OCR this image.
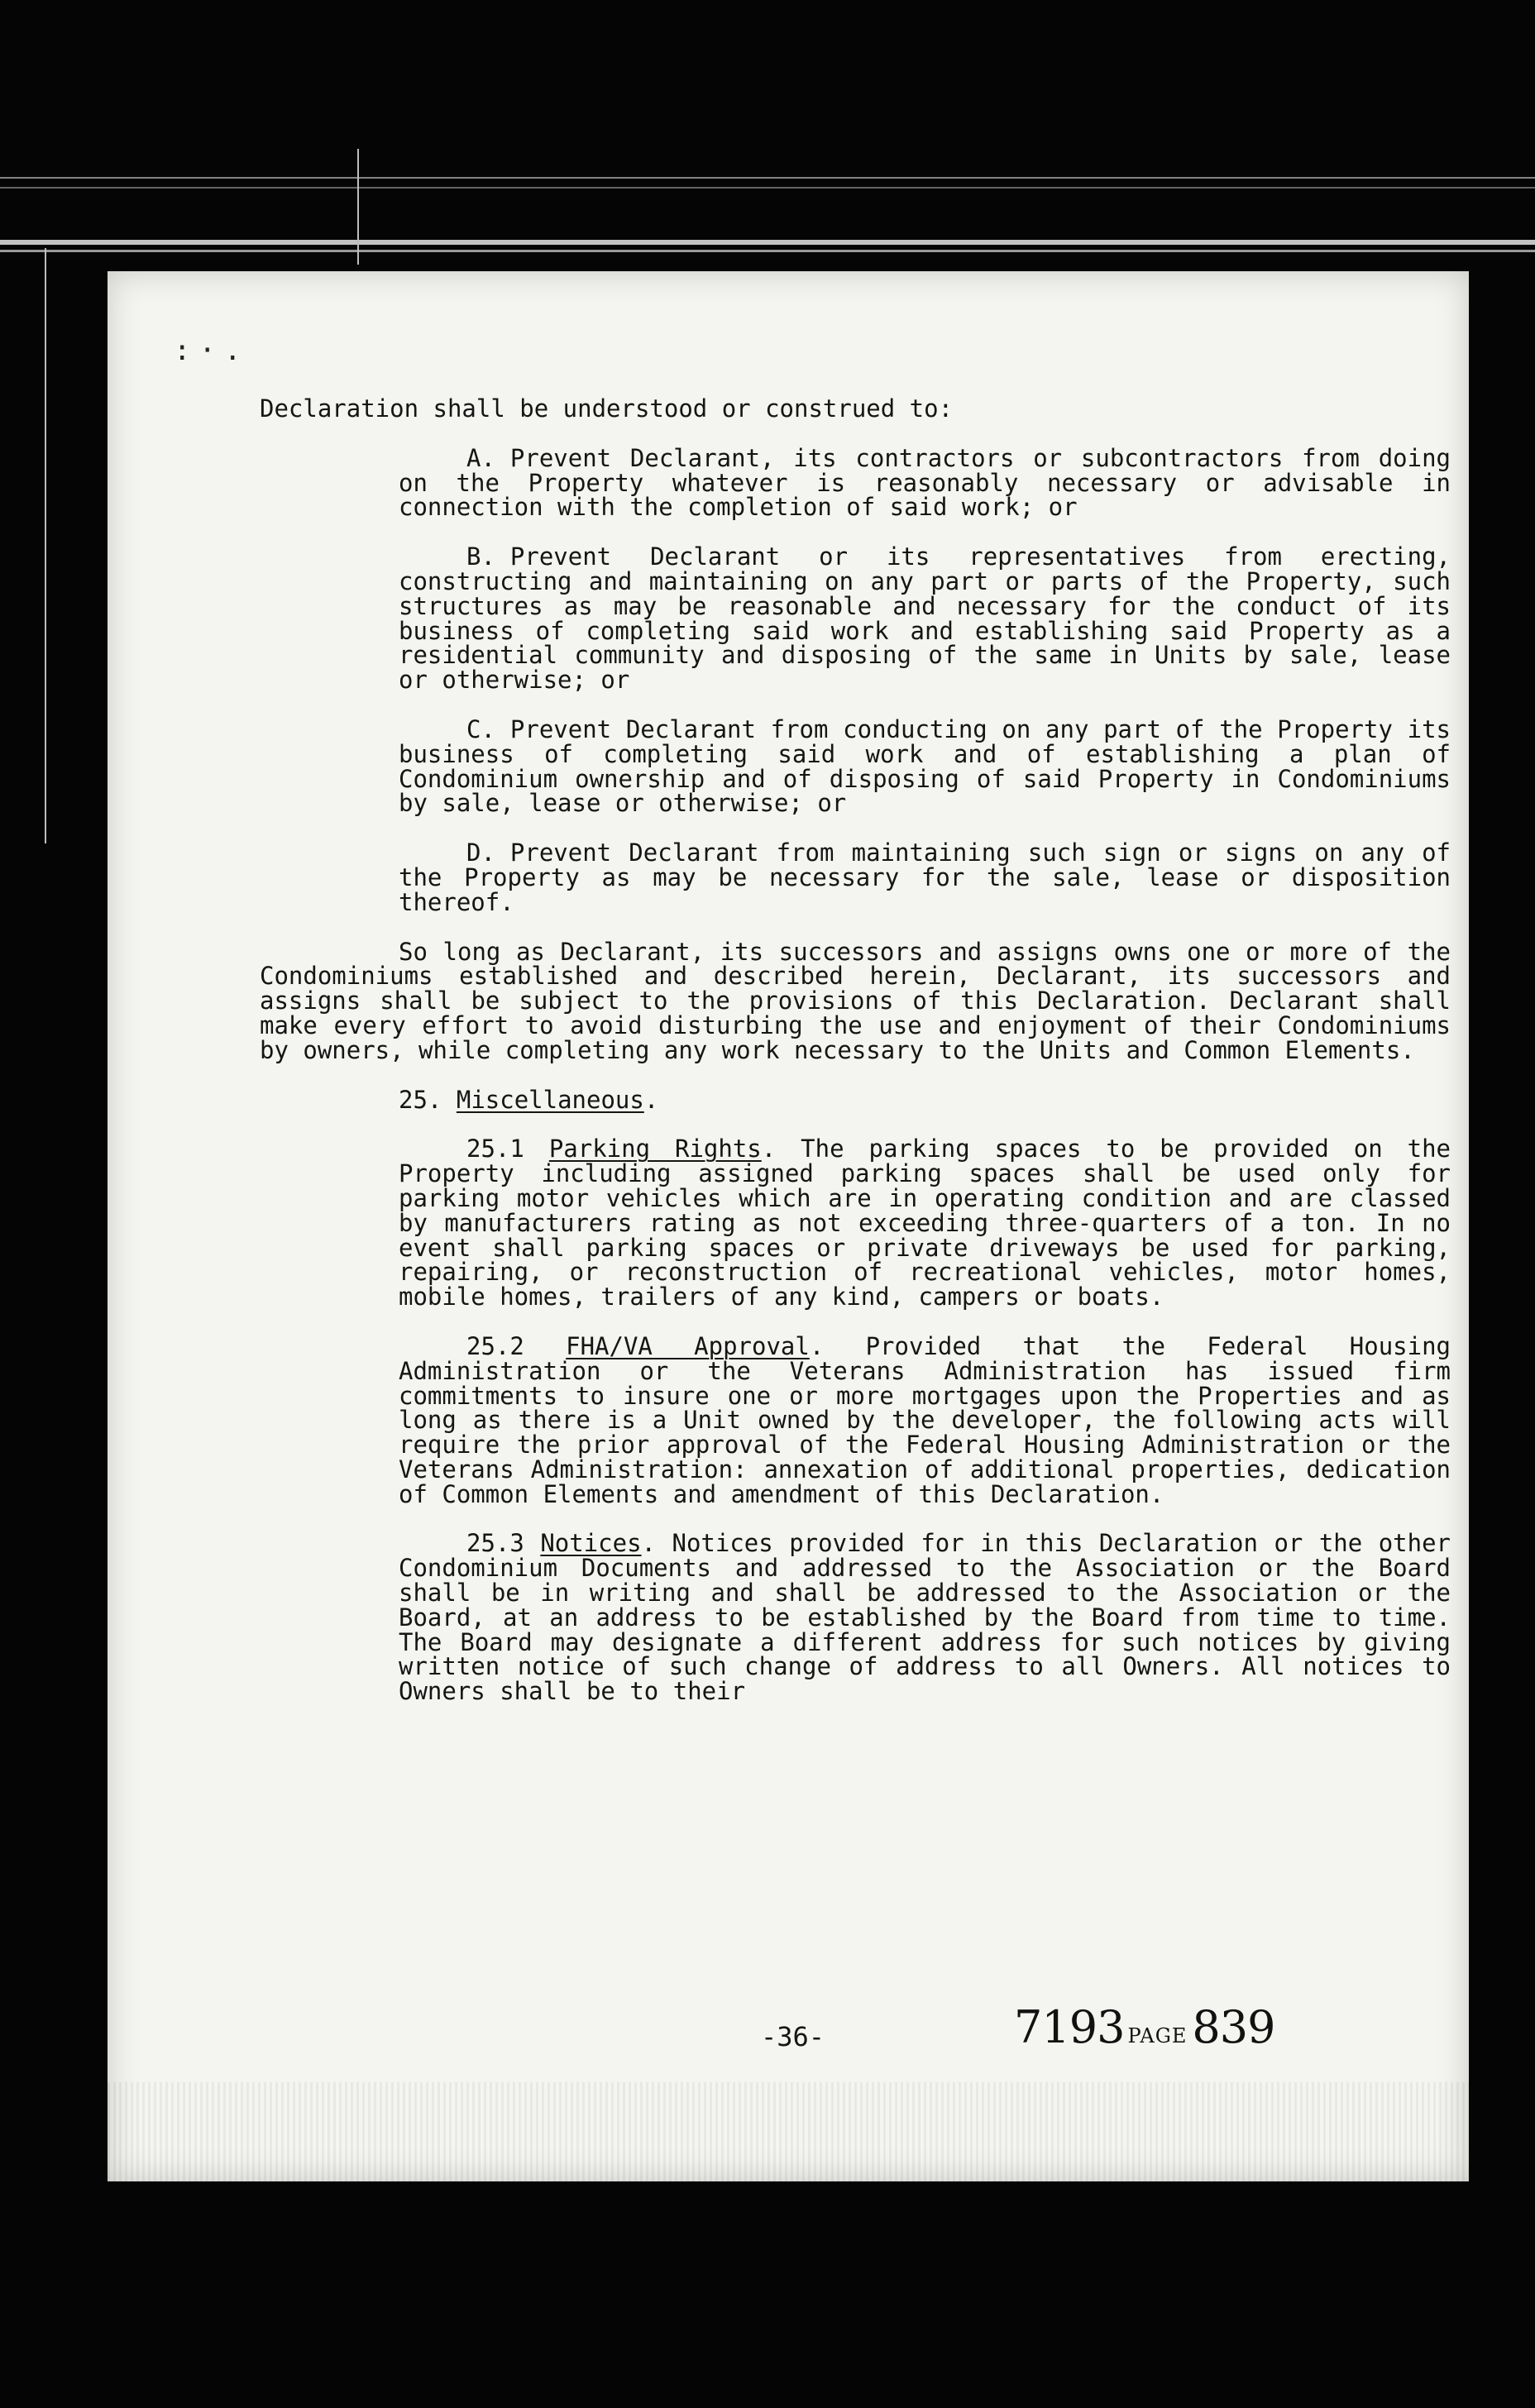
:·.

Declaration shall be understood or construed to:

A. Prevent Declarant, its contractors or subcontractors from doing on the Property whatever is reasonably necessary or advisable in connection with the completion of said work; or

B. Prevent Declarant or its representatives from erecting, constructing and maintaining on any part or parts of the Property, such structures as may be reasonable and necessary for the conduct of its business of completing said work and establishing said Property as a residential community and disposing of the same in Units by sale, lease or otherwise; or

C. Prevent Declarant from conducting on any part of the Property its business of completing said work and of establishing a plan of Condominium ownership and of disposing of said Property in Condominiums by sale, lease or otherwise; or

D. Prevent Declarant from maintaining such sign or signs on any of the Property as may be necessary for the sale, lease or disposition thereof.

So long as Declarant, its successors and assigns owns one or more of the Condominiums established and described herein, Declarant, its successors and assigns shall be subject to the provisions of this Declaration. Declarant shall make every effort to avoid disturbing the use and enjoyment of their Condominiums by owners, while completing any work necessary to the Units and Common Elements.

25. Miscellaneous.

25.1 Parking Rights. The parking spaces to be provided on the Property including assigned parking spaces shall be used only for parking motor vehicles which are in operating condition and are classed by manufacturers rating as not exceeding three-quarters of a ton. In no event shall parking spaces or private driveways be used for parking, repairing, or reconstruction of recreational vehicles, motor homes, mobile homes, trailers of any kind, campers or boats.

25.2 FHA/VA Approval. Provided that the Federal Housing Administration or the Veterans Administration has issued firm commitments to insure one or more mortgages upon the Properties and as long as there is a Unit owned by the developer, the following acts will require the prior approval of the Federal Housing Administration or the Veterans Administration: annexation of additional properties, dedication of Common Elements and amendment of this Declaration.

25.3 Notices. Notices provided for in this Declaration or the other Condominium Documents and addressed to the Association or the Board shall be in writing and shall be addressed to the Association or the Board, at an address to be established by the Board from time to time. The Board may designate a different address for such notices by giving written notice of such change of address to all Owners. All notices to Owners shall be to their

-36-	7193 PAGE 839
